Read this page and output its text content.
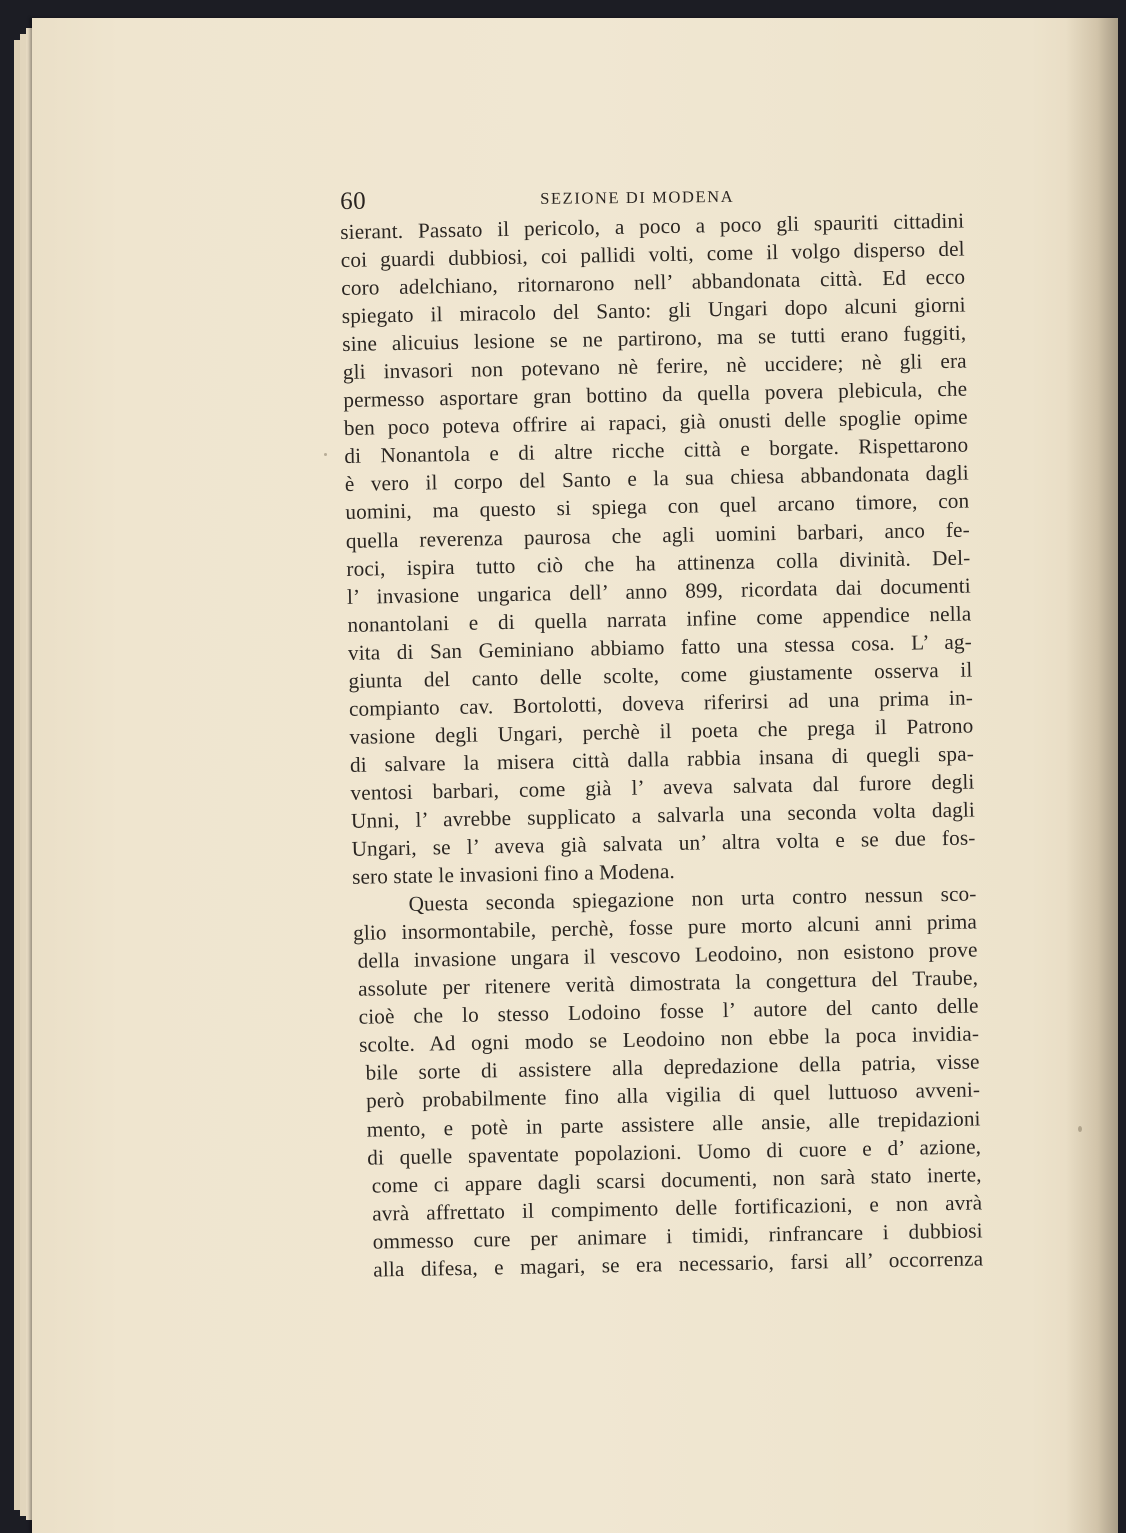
60	SEZIONE DI MODENA
sierant. Passato il pericolo, a poco a poco gli spauriti cittadini
coi guardi dubbiosi, coi pallidi volti, come il volgo disperso del
coro adelchiano, ritornarono nell’ abbandonata città. Ed ecco
spiegato il miracolo del Santo: gli Ungari dopo alcuni giorni
sine alicuius lesione se ne partirono, ma se tutti erano fuggiti,
gli invasori non potevano nè ferire, nè uccidere; nè gli era
permesso asportare gran bottino da quella povera plebicula, che
ben poco poteva offrire ai rapaci, già onusti delle spoglie opime
di Nonantola e di altre ricche città e borgate. Rispettarono
è vero il corpo del Santo e la sua chiesa abbandonata dagli
uomini, ma questo si spiega con quel arcano timore, con
quella reverenza paurosa che agli uomini barbari, anco fe-
roci, ispira tutto ciò che ha attinenza colla divinità. Del-
l’ invasione ungarica dell’ anno 899, ricordata dai documenti
nonantolani e di quella narrata infine come appendice nella
vita di San Geminiano abbiamo fatto una stessa cosa. L’ ag-
giunta del canto delle scolte, come giustamente osserva il
compianto cav. Bortolotti, doveva riferirsi ad una prima in-
vasione degli Ungari, perchè il poeta che prega il Patrono
di salvare la misera città dalla rabbia insana di quegli spa-
ventosi barbari, come già l’ aveva salvata dal furore degli
Unni, l’ avrebbe supplicato a salvarla una seconda volta dagli
Ungari, se l’ aveva già salvata un’ altra volta e se due fos-
sero state le invasioni fino a Modena.
Questa seconda spiegazione non urta contro nessun sco-
glio insormontabile, perchè, fosse pure morto alcuni anni prima
della invasione ungara il vescovo Leodoino, non esistono prove
assolute per ritenere verità dimostrata la congettura del Traube,
cioè che lo stesso Lodoino fosse l’ autore del canto delle
scolte. Ad ogni modo se Leodoino non ebbe la poca invidia-
bile sorte di assistere alla depredazione della patria, visse
però probabilmente fino alla vigilia di quel luttuoso avveni-
mento, e potè in parte assistere alle ansie, alle trepidazioni
di quelle spaventate popolazioni. Uomo di cuore e d’ azione,
come ci appare dagli scarsi documenti, non sarà stato inerte,
avrà affrettato il compimento delle fortificazioni, e non avrà
ommesso cure per animare i timidi, rinfrancare i dubbiosi
alla difesa, e magari, se era necessario, farsi all’ occorrenza
